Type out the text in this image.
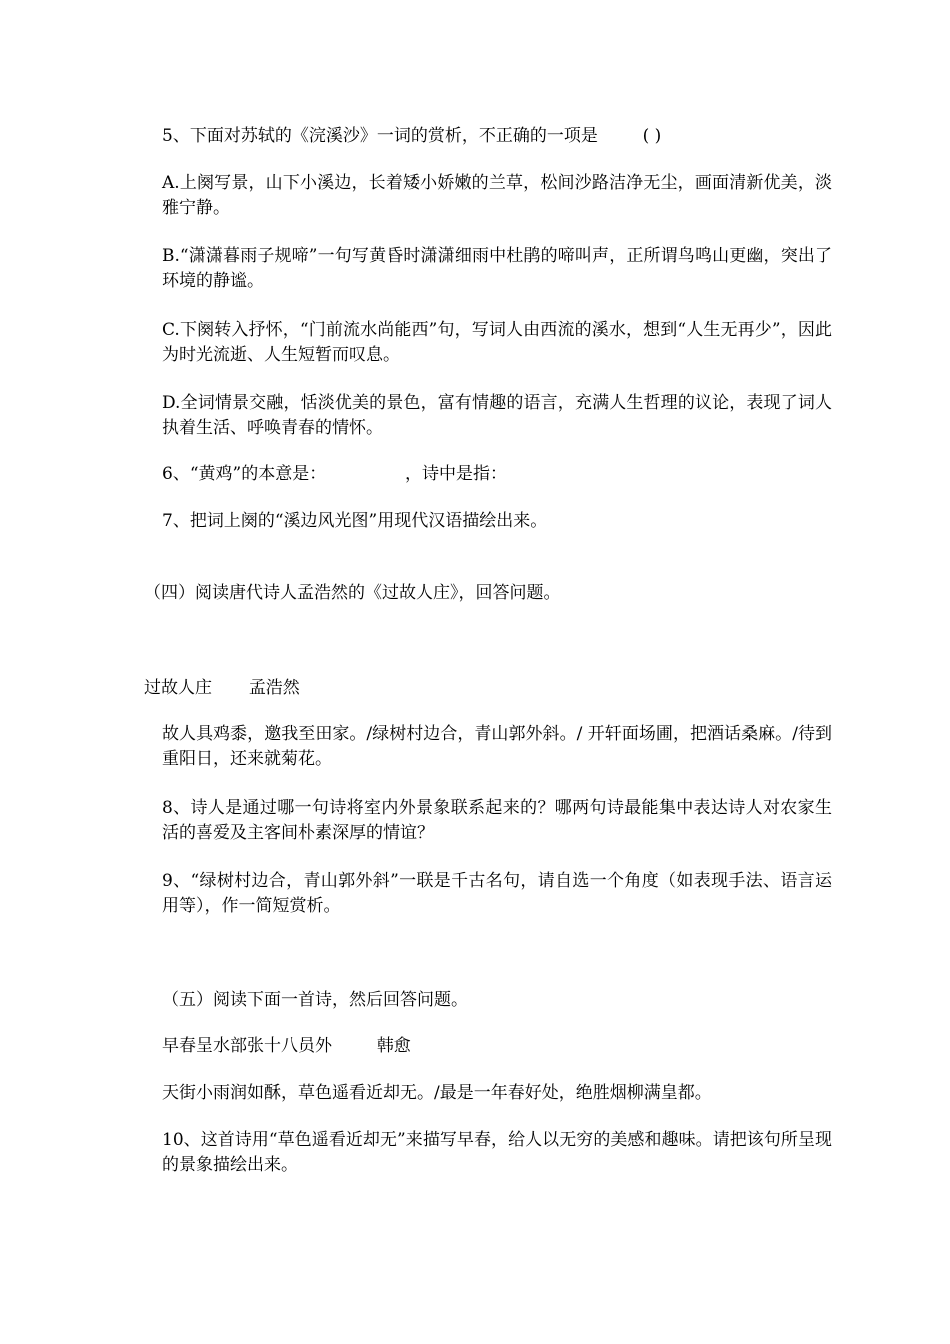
5、下面对苏轼的《浣溪沙》一词的赏析，不正确的一项是	( )
A.上阕写景，山下小溪边，长着矮小娇嫩的兰草，松间沙路洁净无尘，画面清新优美，淡雅宁静。
B.“潇潇暮雨子规啼”一句写黄昏时潇潇细雨中杜鹃的啼叫声，正所谓鸟鸣山更幽，突出了环境的静谧。
C.下阕转入抒怀，“门前流水尚能西”句，写词人由西流的溪水，想到“人生无再少”，因此为时光流逝、人生短暂而叹息。
D.全词情景交融，恬淡优美的景色，富有情趣的语言，充满人生哲理的议论，表现了词人执着生活、呼唤青春的情怀。
6、“黄鸡”的本意是：	，诗中是指：
7、把词上阕的“溪边风光图”用现代汉语描绘出来。
（四）阅读唐代诗人孟浩然的《过故人庄》，回答问题。
过故人庄 孟浩然
故人具鸡黍，邀我至田家。/绿树村边合，青山郭外斜。/ 开轩面场圃，把酒话桑麻。/待到重阳日，还来就菊花。
8、诗人是通过哪一句诗将室内外景象联系起来的？哪两句诗最能集中表达诗人对农家生活的喜爱及主客间朴素深厚的情谊？
9、“绿树村边合，青山郭外斜”一联是千古名句，请自选一个角度（如表现手法、语言运用等），作一简短赏析。
（五）阅读下面一首诗，然后回答问题。
早春呈水部张十八员外	韩愈
天街小雨润如酥，草色遥看近却无。/最是一年春好处，绝胜烟柳满皇都。
10、这首诗用“草色遥看近却无”来描写早春，给人以无穷的美感和趣味。请把该句所呈现的景象描绘出来。
